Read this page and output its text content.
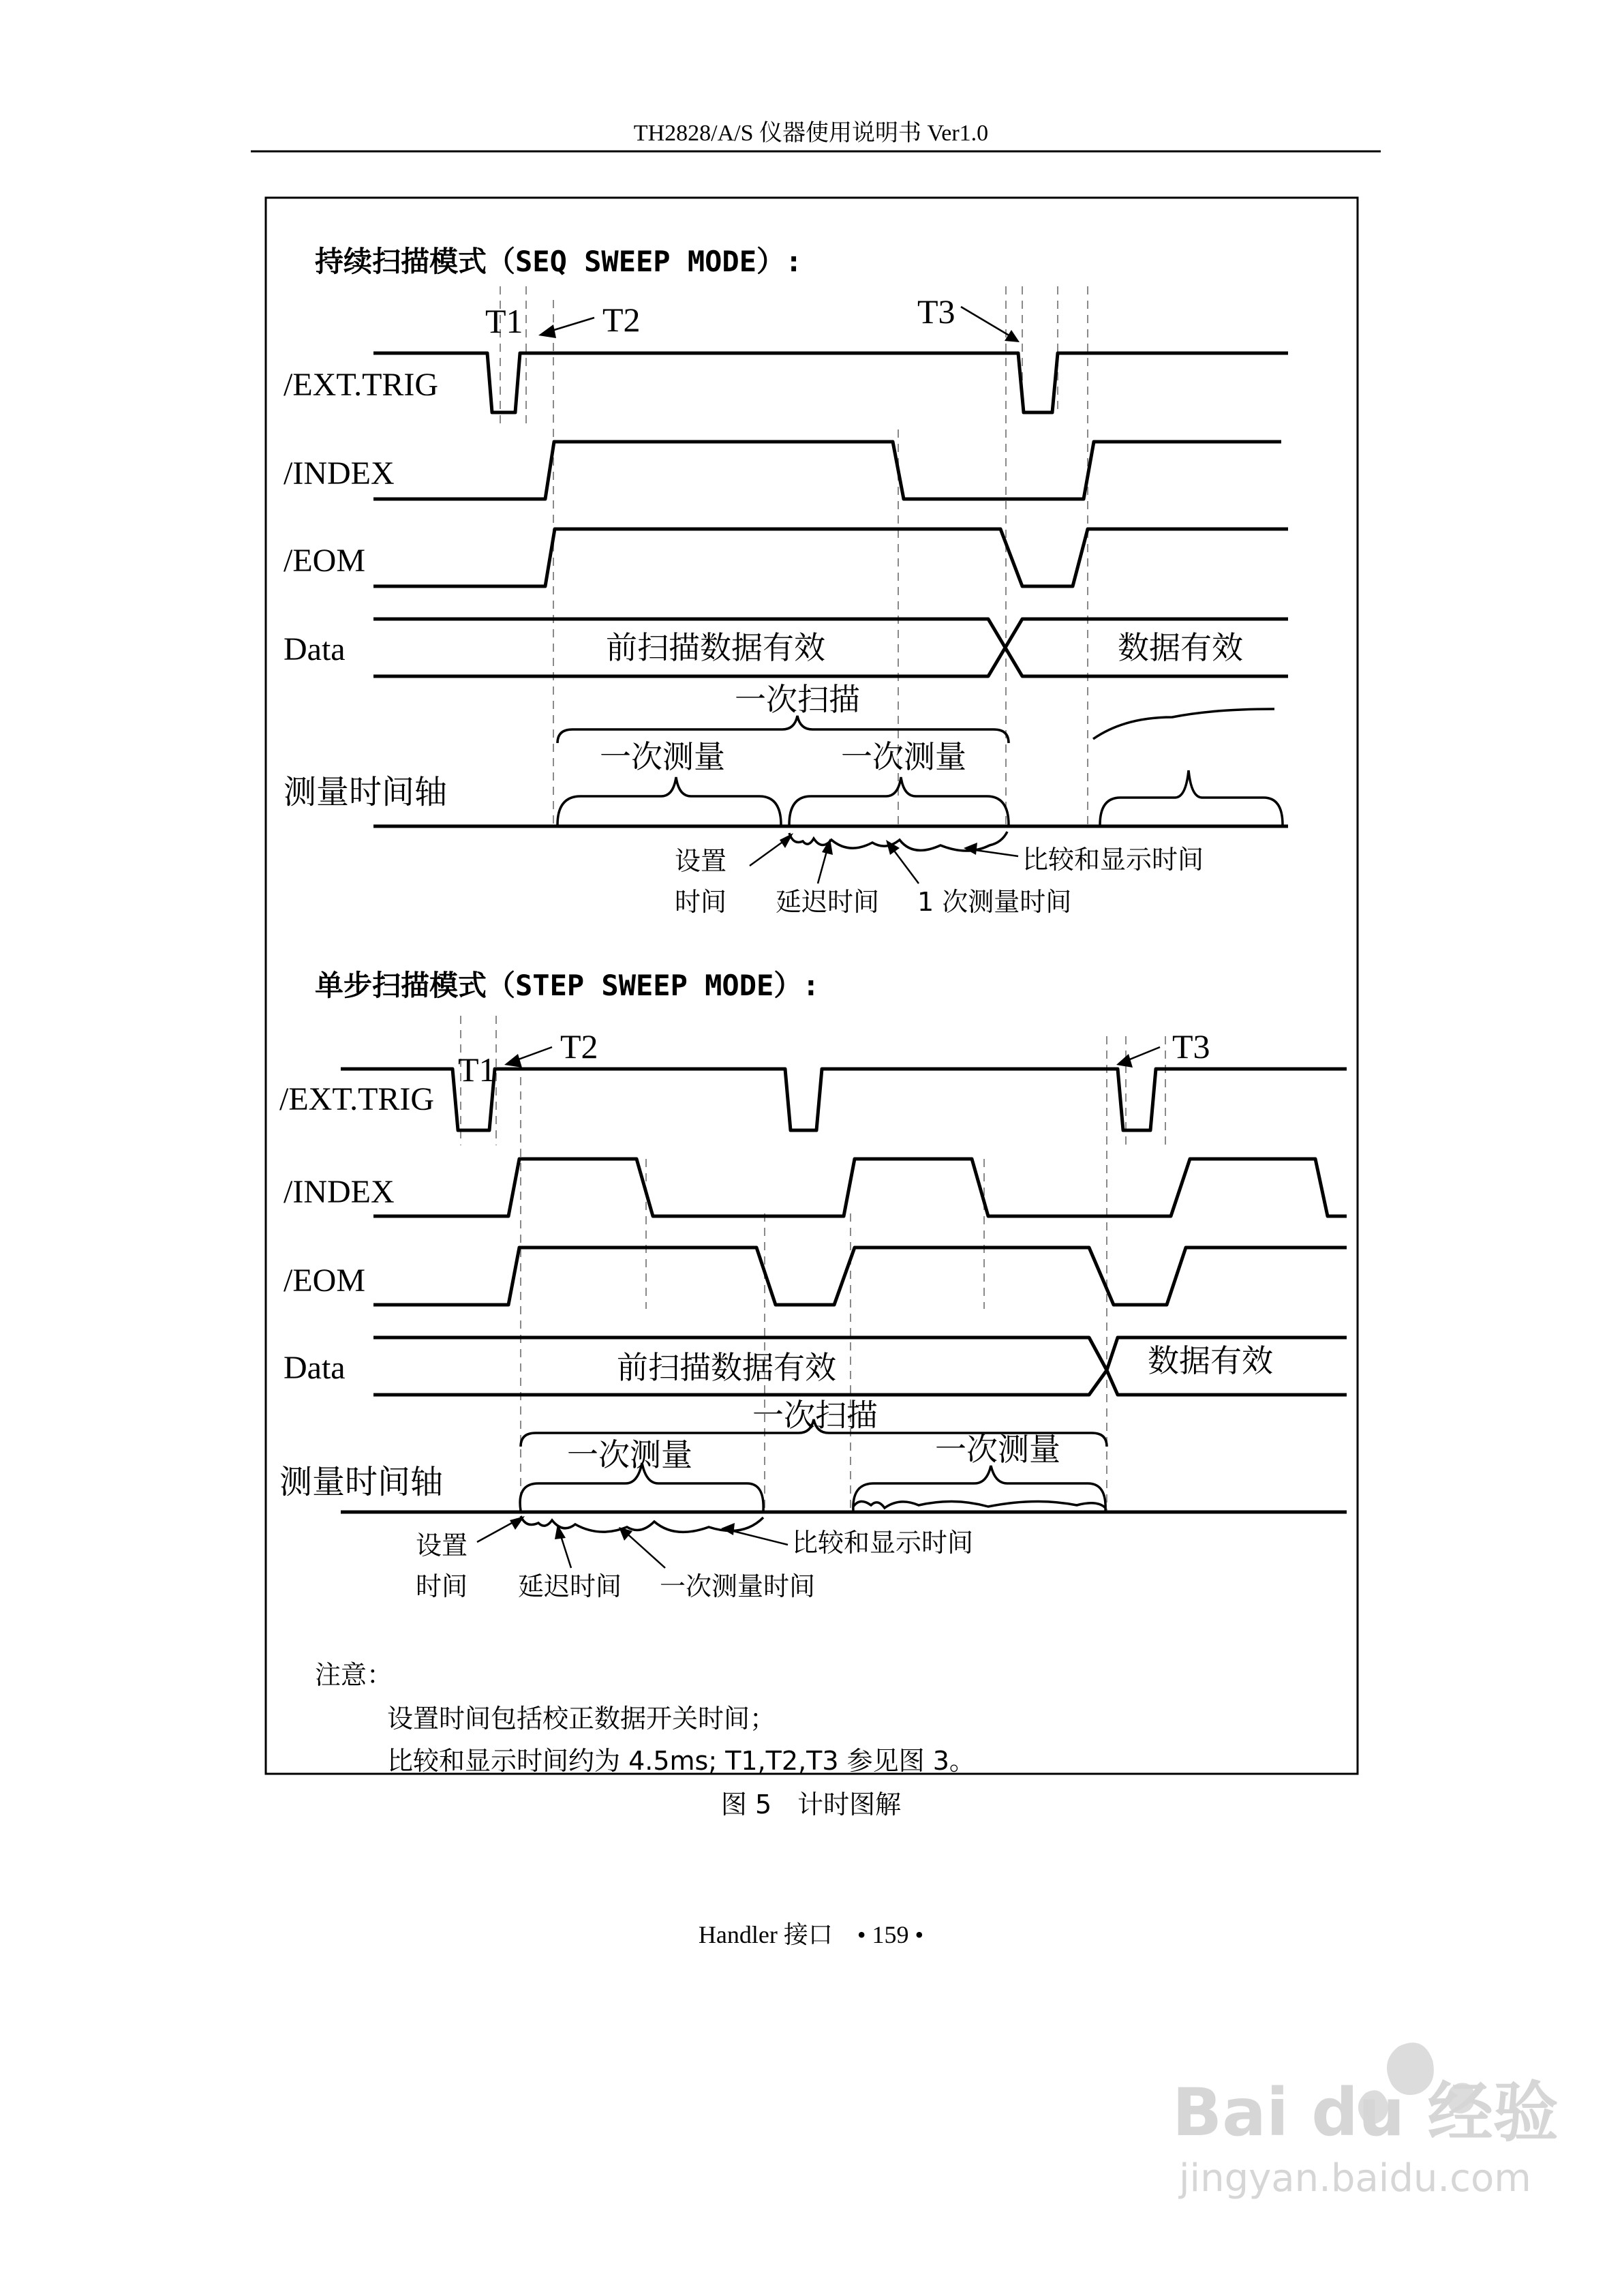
TH2828/A/S 仪器使用说明书 Ver1.0
持续扫描模式（SEQ SWEEP MODE）:
/EXT.TRIG
/INDEX
/EOM
Data
T1 T2	T3
前扫描数据有效	数据有效
一次扫描
一次测量	一次测量
测量时间轴
设置
时间 延迟时间 1 次测量时间
比较和显示时间
单步扫描模式（STEP SWEEP MODE）:
/EXT.TRIG
/INDEX
/EOM
Data
T1
T2	T3
前扫描数据有效	数据有效
一次扫描
一次测量	一次测量
测量时间轴
设置
时间 延迟时间 一次测量时间
比较和显示时间
注意：
设置时间包括校正数据开关时间；
比较和显示时间约为 4.5ms; T1,T2,T3 参见图 3。
图 5　计时图解
Handler 接口　• 159 •
Bai du 经验
jingyan.baidu.com
